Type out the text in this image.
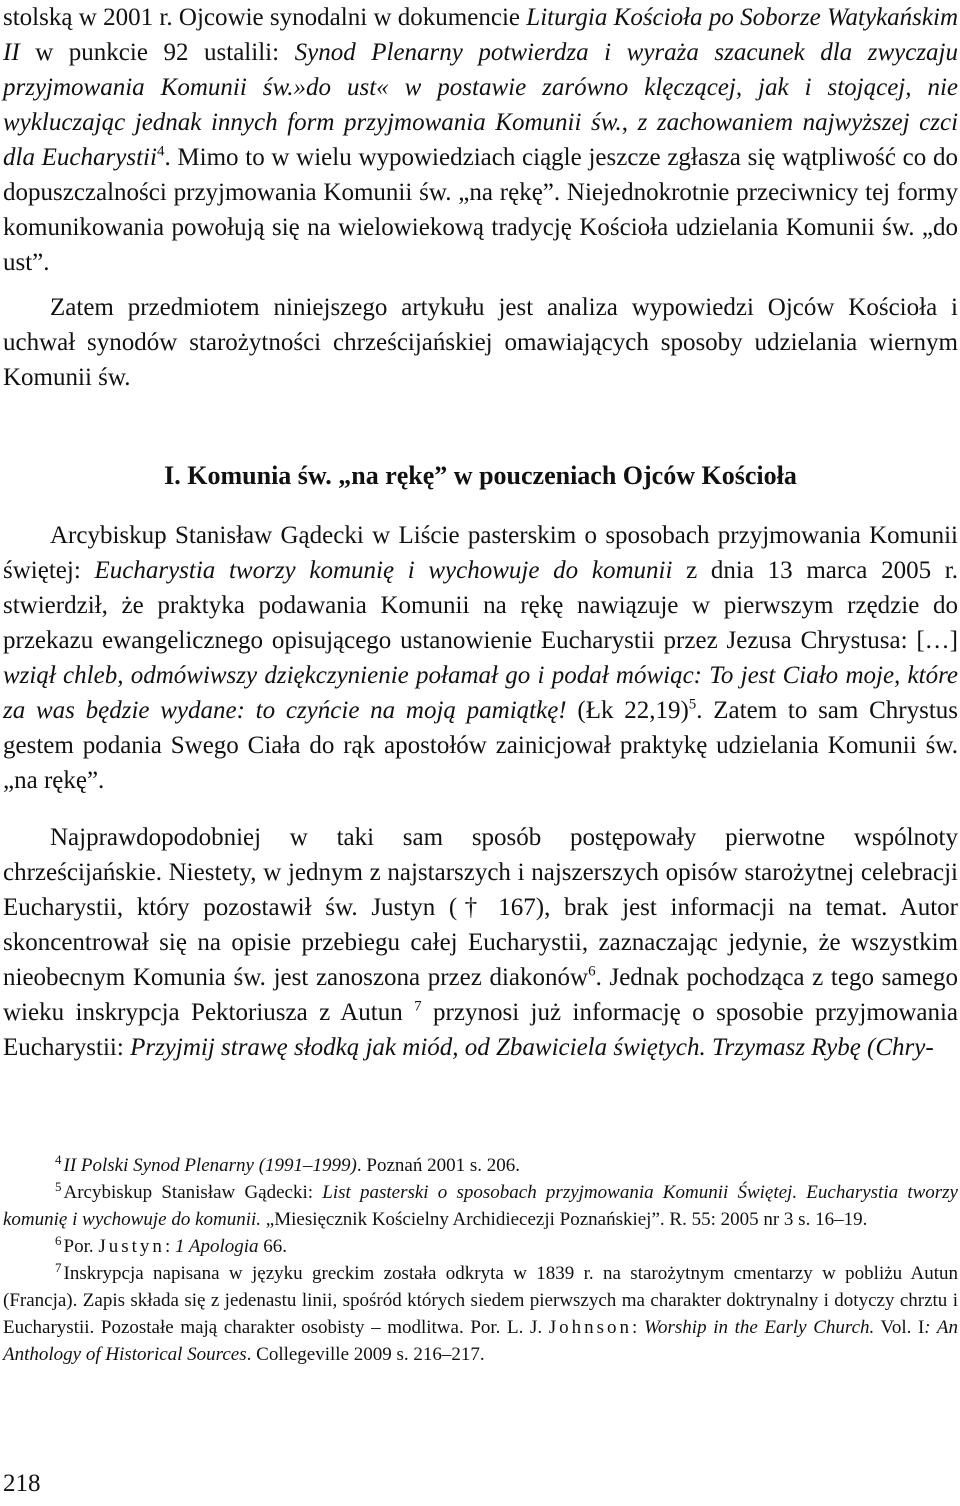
stolską w 2001 r. Ojcowie synodalni w dokumencie Liturgia Kościoła po Soborze Watykańskim II w punkcie 92 ustalili: Synod Plenarny potwierdza i wyraża szacunek dla zwyczaju przyjmowania Komunii św.»do ust« w postawie zarówno klęczącej, jak i stojącej, nie wykluczając jednak innych form przyjmowania Komunii św., z zachowaniem najwyższej czci dla Eucharystii$^4$. Mimo to w wielu wypowiedziach ciągle jeszcze zgłasza się wątpliwość co do dopuszczalności przyjmowania Komunii św. „na rękę”. Niejednokrotnie przeciwnicy tej formy komunikowania powołują się na wielowiekową tradycję Kościoła udzielania Komunii św. „do ust”.

Zatem przedmiotem niniejszego artykułu jest analiza wypowiedzi Ojców Kościoła i uchwał synodów starożytności chrześcijańskiej omawiających sposoby udzielania wiernym Komunii św.

I. Komunia św. „na rękę” w pouczeniach Ojców Kościoła

Arcybiskup Stanisław Gądecki w Liście pasterskim o sposobach przyjmowania Komunii świętej: Eucharystia tworzy komunię i wychowuje do komunii z dnia 13 marca 2005 r. stwierdził, że praktyka podawania Komunii na rękę nawiązuje w pierwszym rzędzie do przekazu ewangelicznego opisującego ustanowienie Eucharystii przez Jezusa Chrystusa: […] wziął chleb, odmówiwszy dziękczynienie połamał go i podał mówiąc: To jest Ciało moje, które za was będzie wydane: to czyńcie na moją pamiątkę! (Łk 22,19)$^5$. Zatem to sam Chrystus gestem podania Swego Ciała do rąk apostołów zainicjował praktykę udzielania Komunii św. „na rękę”.

Najprawdopodobniej w taki sam sposób postępowały pierwotne wspólnoty chrześcijańskie. Niestety, w jednym z najstarszych i najszerszych opisów starożytnej celebracji Eucharystii, który pozostawił św. Justyn († 167), brak jest informacji na temat. Autor skoncentrował się na opisie przebiegu całej Eucharystii, zaznaczając jedynie, że wszystkim nieobecnym Komunia św. jest zanoszona przez diakonów$^6$. Jednak pochodząca z tego samego wieku inskrypcja Pektoriusza z Autun $^7$ przynosi już informację o sposobie przyjmowania Eucharystii: Przyjmij strawę słodką jak miód, od Zbawiciela świętych. Trzymasz Rybę (Chry-

$^4$ II Polski Synod Plenarny (1991–1999). Poznań 2001 s. 206.

$^5$ Arcybiskup Stanisław Gądecki: List pasterski o sposobach przyjmowania Komunii Świętej. Eucharystia tworzy komunię i wychowuje do komunii. „Miesięcznik Kościelny Archidiecezji Poznańskiej”. R. 55: 2005 nr 3 s. 16–19.

$^6$ Por. Justyn: 1 Apologia 66.

$^7$ Inskrypcja napisana w języku greckim została odkryta w 1839 r. na starożytnym cmentarzy w pobliżu Autun (Francja). Zapis składa się z jedenastu linii, spośród których siedem pierwszych ma charakter doktrynalny i dotyczy chrztu i Eucharystii. Pozostałe mają charakter osobisty – modlitwa. Por. L. J. Johnson: Worship in the Early Church. Vol. I: An Anthology of Historical Sources. Collegeville 2009 s. 216–217.

218
